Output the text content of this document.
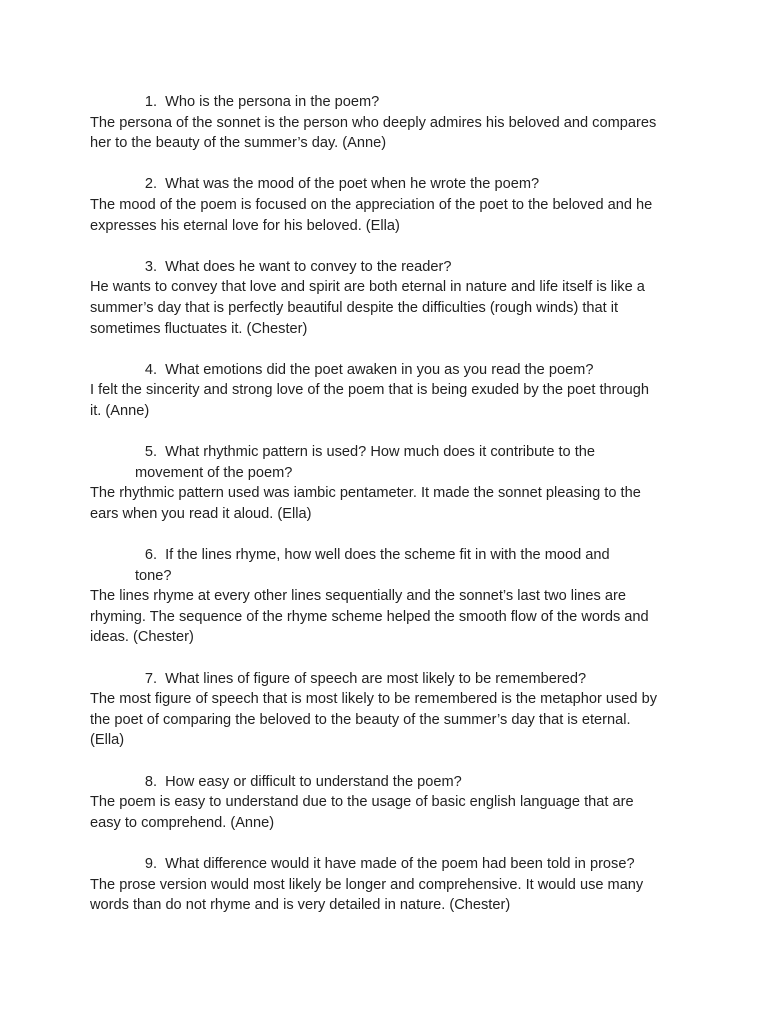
1. Who is the persona in the poem?

The persona of the sonnet is the person who deeply admires his beloved and compares

her to the beauty of the summer’s day. (Anne)

2. What was the mood of the poet when he wrote the poem?

The mood of the poem is focused on the appreciation of the poet to the beloved and he

expresses his eternal love for his beloved. (Ella)

3. What does he want to convey to the reader?

He wants to convey that love and spirit are both eternal in nature and life itself is like a

summer’s day that is perfectly beautiful despite the difficulties (rough winds) that it

sometimes fluctuates it. (Chester)

4. What emotions did the poet awaken in you as you read the poem?

I felt the sincerity and strong love of the poem that is being exuded by the poet through

it. (Anne)

5. What rhythmic pattern is used? How much does it contribute to the
movement of the poem?

The rhythmic pattern used was iambic pentameter. It made the sonnet pleasing to the

ears when you read it aloud. (Ella)

6. If the lines rhyme, how well does the scheme fit in with the mood and
tone?

The lines rhyme at every other lines sequentially and the sonnet’s last two lines are

rhyming. The sequence of the rhyme scheme helped the smooth flow of the words and

ideas. (Chester)

7. What lines of figure of speech are most likely to be remembered?

The most figure of speech that is most likely to be remembered is the metaphor used by

the poet of comparing the beloved to the beauty of the summer’s day that is eternal.

(Ella)

8. How easy or difficult to understand the poem?

The poem is easy to understand due to the usage of basic english language that are

easy to comprehend. (Anne)

9. What difference would it have made of the poem had been told in prose?

The prose version would most likely be longer and comprehensive. It would use many

words than do not rhyme and is very detailed in nature. (Chester)
